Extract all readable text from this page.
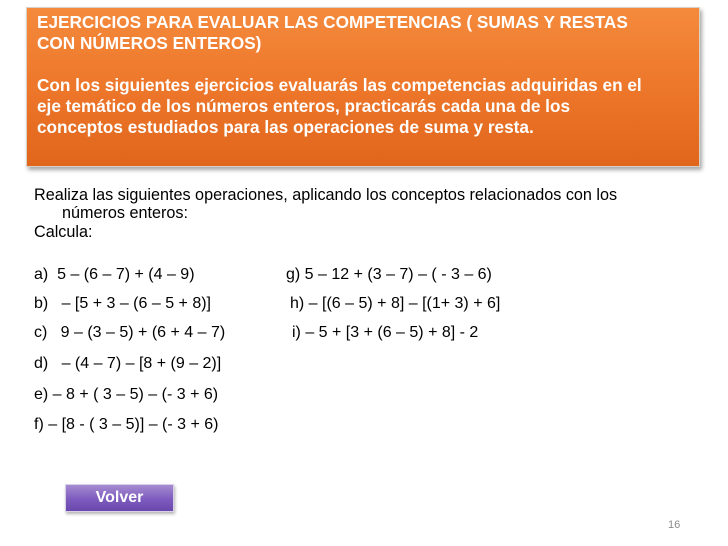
EJERCICIOS PARA EVALUAR LAS COMPETENCIAS ( SUMAS Y RESTAS

CON NÚMEROS ENTEROS)

Con los siguientes ejercicios evaluarás las competencias adquiridas en el

eje temático de los números enteros, practicarás cada una de los

conceptos estudiados para las operaciones de suma y resta.

Realiza las siguientes operaciones, aplicando los conceptos relacionados con los
números enteros:

Calcula:

a)  5 – (6 – 7) + (4 – 9)
b)   – [5 + 3 – (6 – 5 + 8)]
c)   9 – (3 – 5) + (6 + 4 – 7)
d)   – (4 – 7) – [8 + (9 – 2)]
e) – 8 + ( 3 – 5) – (- 3 + 6)
f) – [8 - ( 3 – 5)] – (- 3 + 6)
g) 5 – 12 + (3 – 7) – ( - 3 – 6)
h) – [(6 – 5) + 8] – [(1+ 3) + 6]
i) – 5 + [3 + (6 – 5) + 8] - 2
Volver
16
